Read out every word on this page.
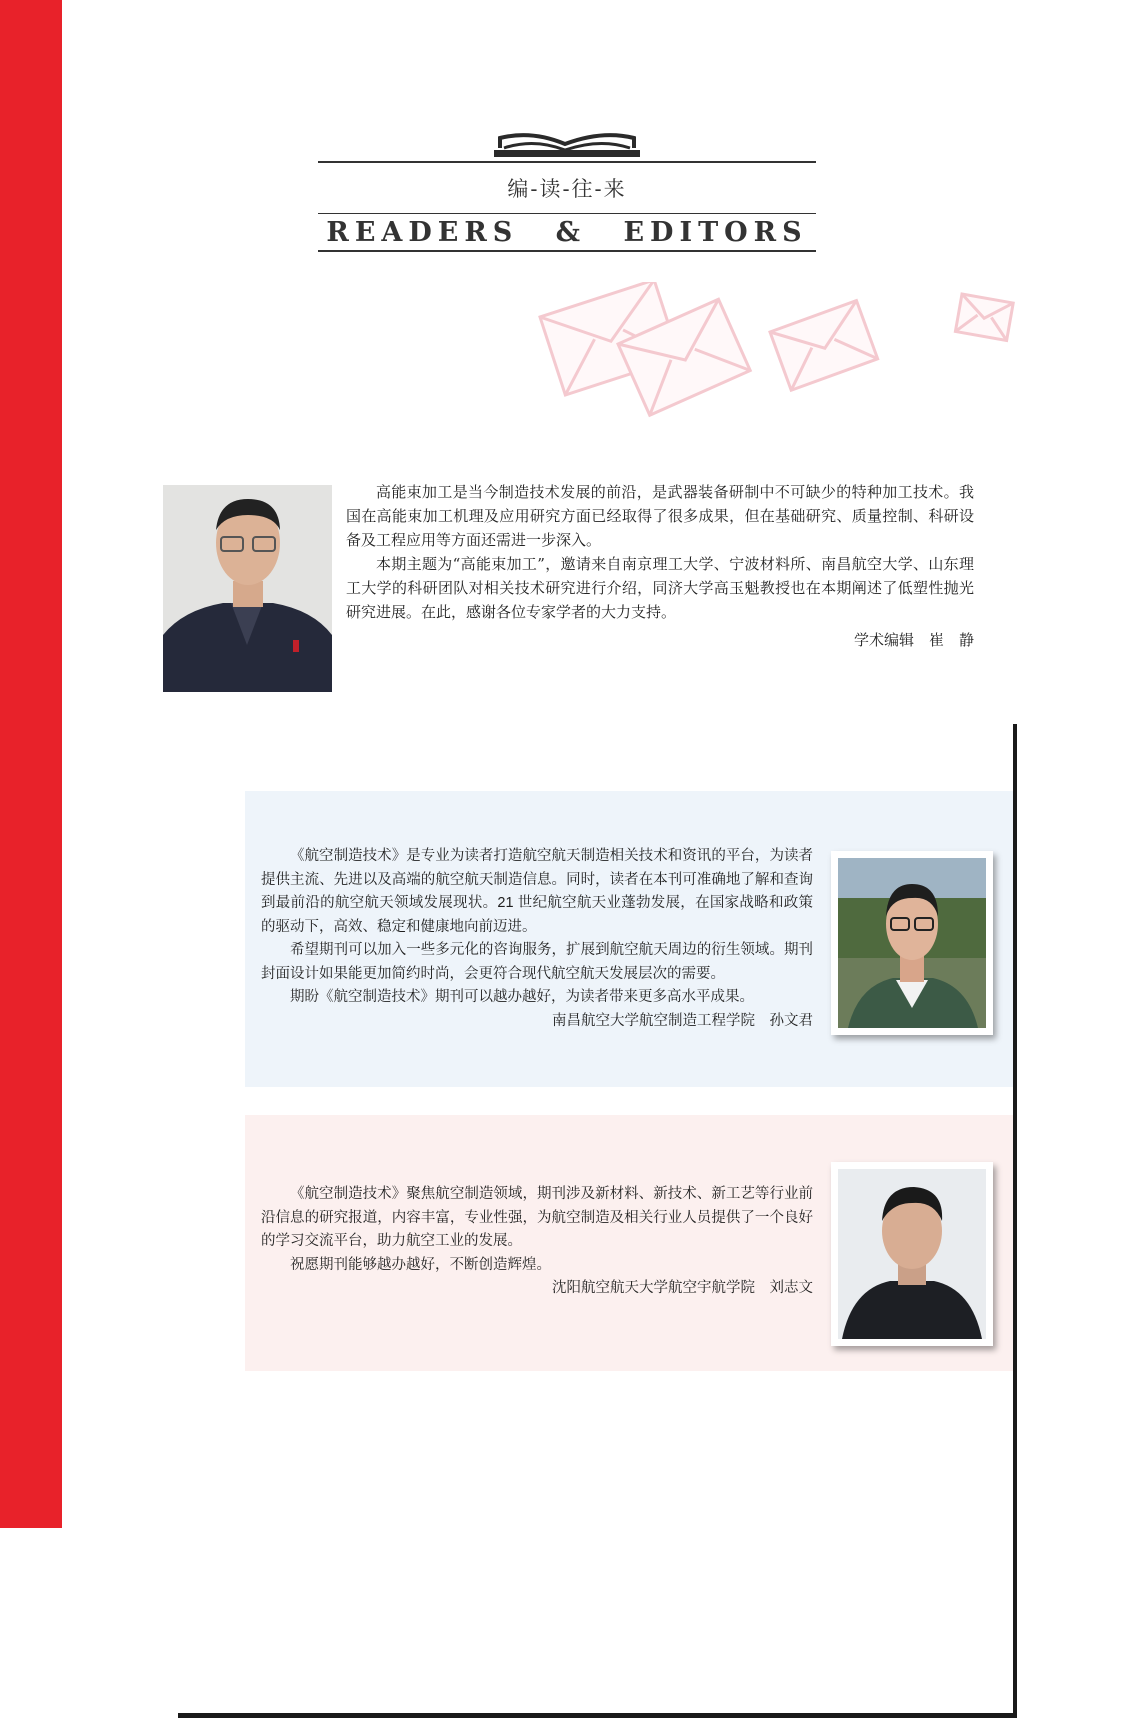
编-读-往-来
READERS & EDITORS

高能束加工是当今制造技术发展的前沿，是武器装备研制中不可缺少的特种加工技术。我国在高能束加工机理及应用研究方面已经取得了很多成果，但在基础研究、质量控制、科研设备及工程应用等方面还需进一步深入。

本期主题为“高能束加工”，邀请来自南京理工大学、宁波材料所、南昌航空大学、山东理工大学的科研团队对相关技术研究进行介绍，同济大学高玉魁教授也在本期阐述了低塑性抛光研究进展。在此，感谢各位专家学者的大力支持。

学术编辑　崔　静

《航空制造技术》是专业为读者打造航空航天制造相关技术和资讯的平台，为读者提供主流、先进以及高端的航空航天制造信息。同时，读者在本刊可准确地了解和查询到最前沿的航空航天领域发展现状。21 世纪航空航天业蓬勃发展，在国家战略和政策的驱动下，高效、稳定和健康地向前迈进。

希望期刊可以加入一些多元化的咨询服务，扩展到航空航天周边的衍生领域。期刊封面设计如果能更加简约时尚，会更符合现代航空航天发展层次的需要。

期盼《航空制造技术》期刊可以越办越好，为读者带来更多高水平成果。

南昌航空大学航空制造工程学院　孙文君

《航空制造技术》聚焦航空制造领域，期刊涉及新材料、新技术、新工艺等行业前沿信息的研究报道，内容丰富，专业性强，为航空制造及相关行业人员提供了一个良好的学习交流平台，助力航空工业的发展。

祝愿期刊能够越办越好，不断创造辉煌。

沈阳航空航天大学航空宇航学院　刘志文
